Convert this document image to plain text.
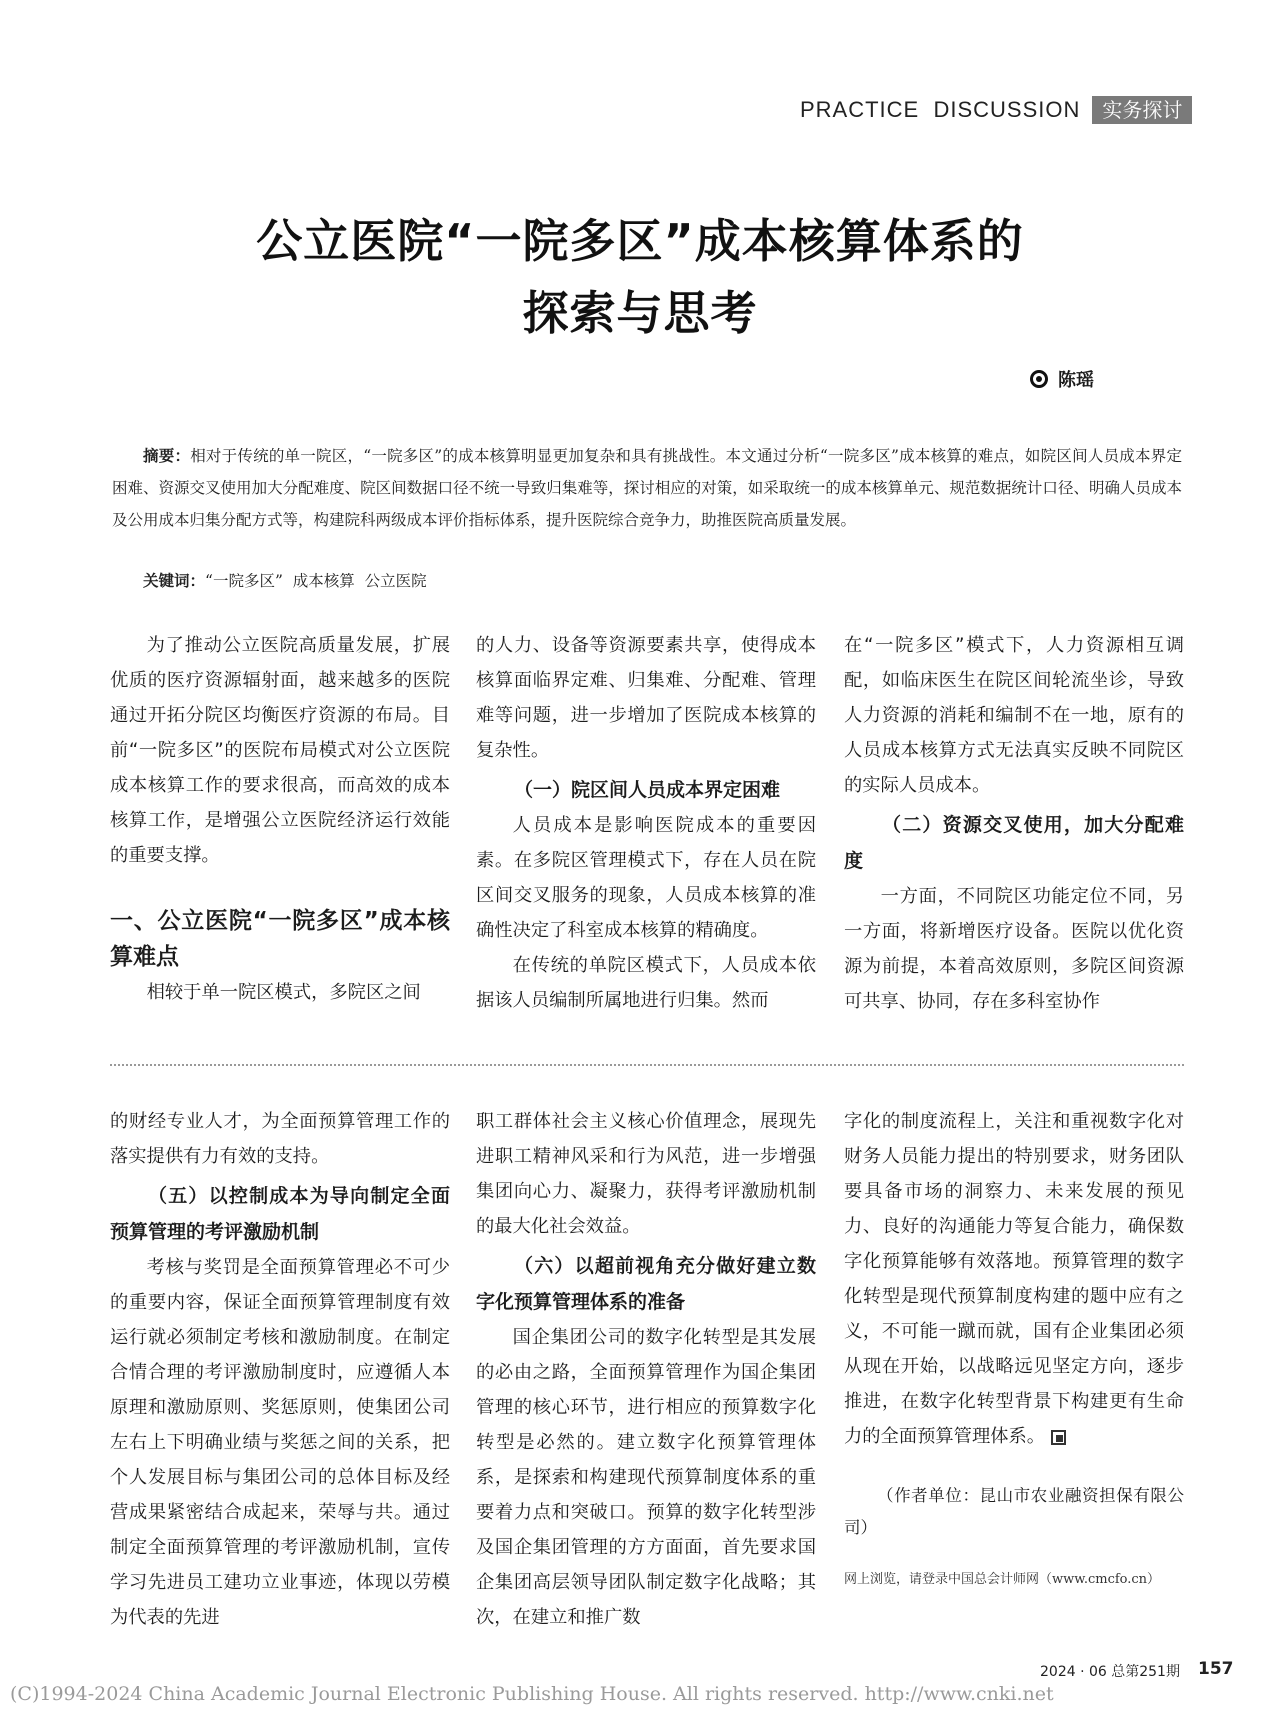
PRACTICE  DISCUSSION	实务探讨
公立医院“一院多区”成本核算体系的
探索与思考
陈瑶
摘要：相对于传统的单一院区，“一院多区”的成本核算明显更加复杂和具有挑战性。本文通过分析“一院多区”成本核算的难点，如院区间人员成本界定困难、资源交叉使用加大分配难度、院区间数据口径不统一导致归集难等，探讨相应的对策，如采取统一的成本核算单元、规范数据统计口径、明确人员成本及公用成本归集分配方式等，构建院科两级成本评价指标体系，提升医院综合竞争力，助推医院高质量发展。
关键词：“一院多区”  成本核算  公立医院

为了推动公立医院高质量发展，扩展优质的医疗资源辐射面，越来越多的医院通过开拓分院区均衡医疗资源的布局。目前“一院多区”的医院布局模式对公立医院成本核算工作的要求很高，而高效的成本核算工作，是增强公立医院经济运行效能的重要支撑。

一、公立医院“一院多区”成本核算难点

相较于单一院区模式，多院区之间

的人力、设备等资源要素共享，使得成本核算面临界定难、归集难、分配难、管理难等问题，进一步增加了医院成本核算的复杂性。

（一）院区间人员成本界定困难

人员成本是影响医院成本的重要因素。在多院区管理模式下，存在人员在院区间交叉服务的现象，人员成本核算的准确性决定了科室成本核算的精确度。

在传统的单院区模式下，人员成本依据该人员编制所属地进行归集。然而

在“一院多区”模式下，人力资源相互调配，如临床医生在院区间轮流坐诊，导致人力资源的消耗和编制不在一地，原有的人员成本核算方式无法真实反映不同院区的实际人员成本。

（二）资源交叉使用，加大分配难度

一方面，不同院区功能定位不同，另一方面，将新增医疗设备。医院以优化资源为前提，本着高效原则，多院区间资源可共享、协同，存在多科室协作

的财经专业人才，为全面预算管理工作的落实提供有力有效的支持。

（五）以控制成本为导向制定全面预算管理的考评激励机制

考核与奖罚是全面预算管理必不可少的重要内容，保证全面预算管理制度有效运行就必须制定考核和激励制度。在制定合情合理的考评激励制度时，应遵循人本原理和激励原则、奖惩原则，使集团公司左右上下明确业绩与奖惩之间的关系，把个人发展目标与集团公司的总体目标及经营成果紧密结合成起来，荣辱与共。通过制定全面预算管理的考评激励机制，宣传学习先进员工建功立业事迹，体现以劳模为代表的先进

职工群体社会主义核心价值理念，展现先进职工精神风采和行为风范，进一步增强集团向心力、凝聚力，获得考评激励机制的最大化社会效益。

（六）以超前视角充分做好建立数字化预算管理体系的准备

国企集团公司的数字化转型是其发展的必由之路，全面预算管理作为国企集团管理的核心环节，进行相应的预算数字化转型是必然的。建立数字化预算管理体系，是探索和构建现代预算制度体系的重要着力点和突破口。预算的数字化转型涉及国企集团管理的方方面面，首先要求国企集团高层领导团队制定数字化战略；其次，在建立和推广数

字化的制度流程上，关注和重视数字化对财务人员能力提出的特别要求，财务团队要具备市场的洞察力、未来发展的预见力、良好的沟通能力等复合能力，确保数字化预算能够有效落地。预算管理的数字化转型是现代预算制度构建的题中应有之义，不可能一蹴而就，国有企业集团必须从现在开始，以战略远见坚定方向，逐步推进，在数字化转型背景下构建更有生命力的全面预算管理体系。

（作者单位：昆山市农业融资担保有限公司）

网上浏览，请登录中国总会计师网（www.cmcfo.cn）

2024 · 06 总第251期 157
(C)1994-2024 China Academic Journal Electronic Publishing House. All rights reserved. http://www.cnki.net
